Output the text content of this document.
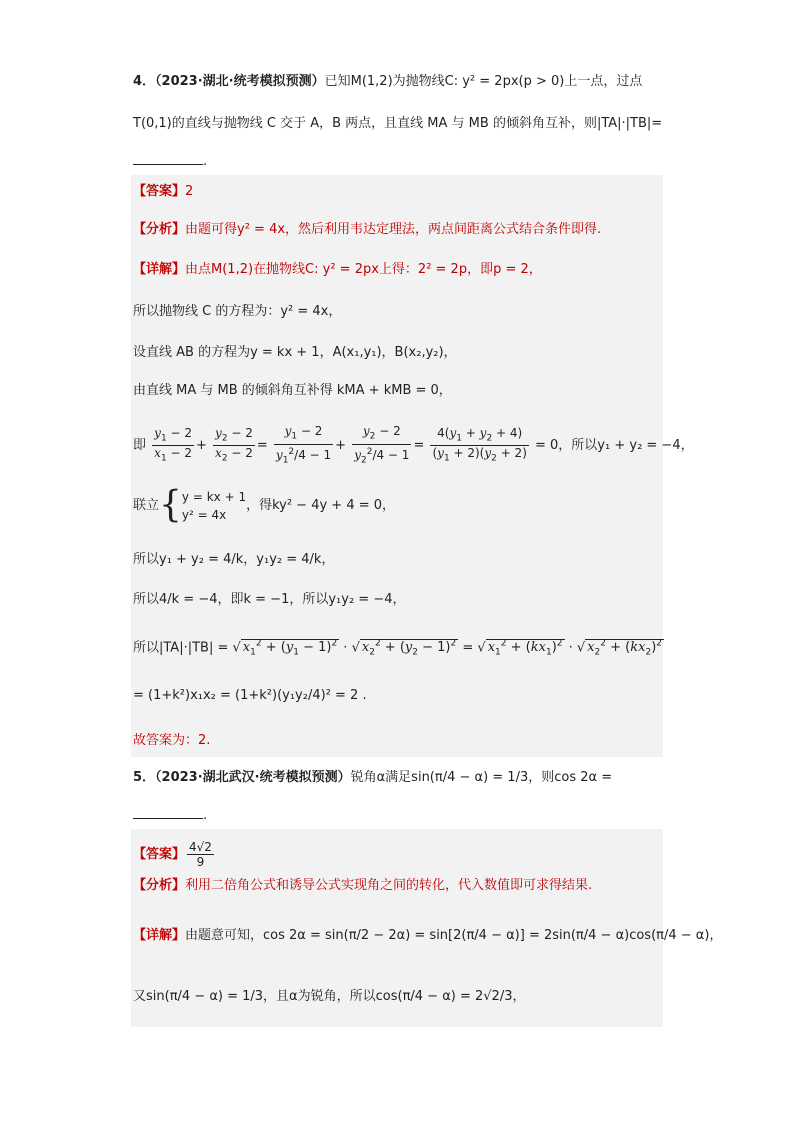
4．（2023·湖北·统考模拟预测）已知M(1,2)为抛物线C: y² = 2px(p > 0)上一点，过点
T(0,1)的直线与抛物线 C 交于 A，B 两点，且直线 MA 与 MB 的倾斜角互补，则|TA|·|TB|=
.
【答案】2
【分析】由题可得y² = 4x，然后利用韦达定理法，两点间距离公式结合条件即得.
【详解】由点M(1,2)在抛物线C: y² = 2px上得：2² = 2p，即p = 2，
所以抛物线 C 的方程为：y² = 4x，
设直线 AB 的方程为y = kx + 1，A(x₁,y₁)，B(x₂,y₂)，
由直线 MA 与 MB 的倾斜角互补得 kMA + kMB = 0，
即 $\frac{y_1 - 2}{x_1 - 2} + \frac{y_2 - 2}{x_2 - 2} = \frac{y_1 - 2}{y_1^2/4 - 1} + \frac{y_2 - 2}{y_2^2/4 - 1} = \frac{4(y_1 + y_2 + 4)}{(y_1 + 2)(y_2 + 2)} = 0$，所以y₁ + y₂ = −4，
联立{ y = kx + 1
y² = 4x
，得ky² − 4y + 4 = 0，
所以y₁ + y₂ = 4/k，y₁y₂ = 4/k，
所以4/k = −4，即k = −1，所以y₁y₂ = −4，
所以|TA|·|TB| = √ $x_1^2 + (y_1 - 1)^2$ · √ $x_2^2 + (y_2 - 1)^2$ = √ $x_1^2 + (kx_1)^2$ · √ $x_2^2 + (kx_2)^2$
= (1+k²)x₁x₂ = (1+k²)(y₁y₂/4)² = 2 .
故答案为：2.
5．（2023·湖北武汉·统考模拟预测）锐角α满足sin(π/4 − α) = 1/3，则cos 2α =
.
【答案】 $\frac{4√2}{9}$
【分析】利用二倍角公式和诱导公式实现角之间的转化，代入数值即可求得结果.
【详解】由题意可知，cos 2α = sin(π/2 − 2α) = sin[2(π/4 − α)] = 2sin(π/4 − α)cos(π/4 − α)，
又sin(π/4 − α) = 1/3，且α为锐角，所以cos(π/4 − α) = 2√2/3，
